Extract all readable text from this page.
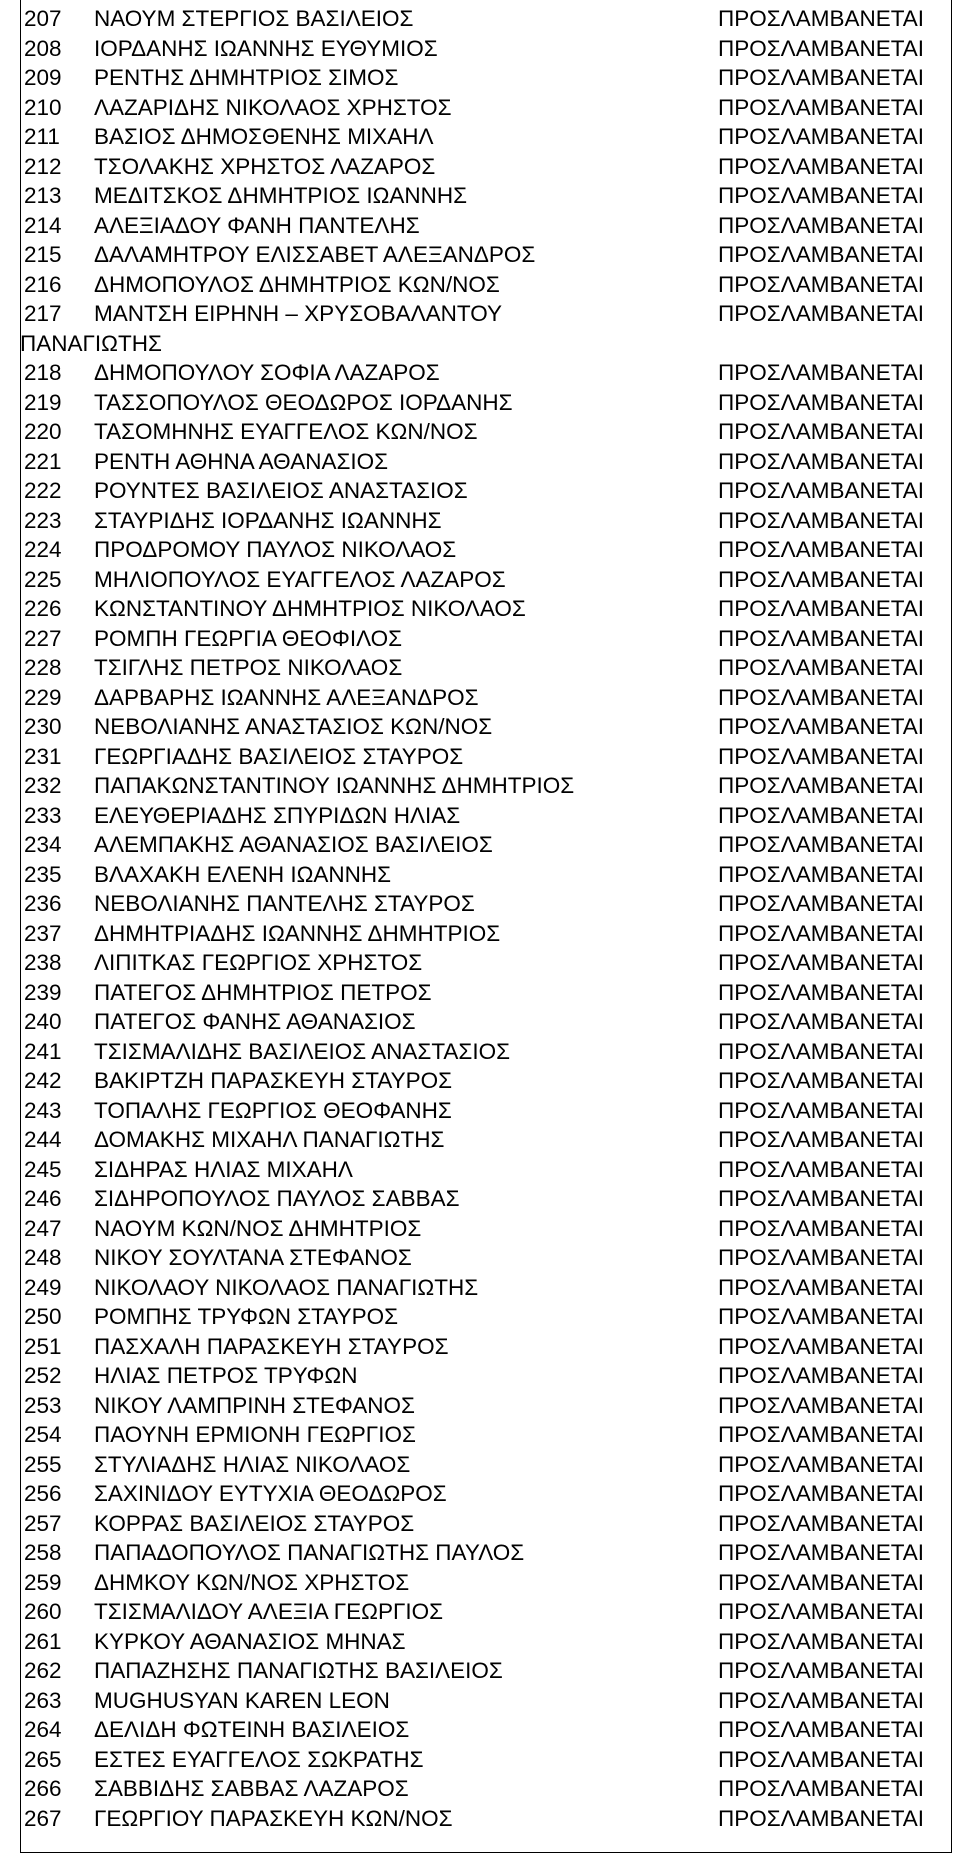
207 ΝΑΟΥΜ ΣΤΕΡΓΙΟΣ ΒΑΣΙΛΕΙΟΣ	ΠΡΟΣΛΑΜΒΑΝΕΤΑΙ
208 ΙΟΡΔΑΝΗΣ ΙΩΑΝΝΗΣ ΕΥΘΥΜΙΟΣ	ΠΡΟΣΛΑΜΒΑΝΕΤΑΙ
209 ΡΕΝΤΗΣ ΔΗΜΗΤΡΙΟΣ ΣΙΜΟΣ	ΠΡΟΣΛΑΜΒΑΝΕΤΑΙ
210 ΛΑΖΑΡΙΔΗΣ ΝΙΚΟΛΑΟΣ ΧΡΗΣΤΟΣ	ΠΡΟΣΛΑΜΒΑΝΕΤΑΙ
211 ΒΑΣΙΟΣ ΔΗΜΟΣΘΕΝΗΣ ΜΙΧΑΗΛ	ΠΡΟΣΛΑΜΒΑΝΕΤΑΙ
212 ΤΣΟΛΑΚΗΣ ΧΡΗΣΤΟΣ ΛΑΖΑΡΟΣ	ΠΡΟΣΛΑΜΒΑΝΕΤΑΙ
213 ΜΕΔΙΤΣΚΟΣ ΔΗΜΗΤΡΙΟΣ ΙΩΑΝΝΗΣ	ΠΡΟΣΛΑΜΒΑΝΕΤΑΙ
214 ΑΛΕΞΙΑΔΟΥ ΦΑΝΗ ΠΑΝΤΕΛΗΣ	ΠΡΟΣΛΑΜΒΑΝΕΤΑΙ
215 ΔΑΛΑΜΗΤΡΟΥ ΕΛΙΣΣΑΒΕΤ ΑΛΕΞΑΝΔΡΟΣ	ΠΡΟΣΛΑΜΒΑΝΕΤΑΙ
216 ΔΗΜΟΠΟΥΛΟΣ ΔΗΜΗΤΡΙΟΣ ΚΩΝ/ΝΟΣ	ΠΡΟΣΛΑΜΒΑΝΕΤΑΙ
217 ΜΑΝΤΣΗ ΕΙΡΗΝΗ – ΧΡΥΣΟΒΑΛΑΝΤΟΥ	ΠΡΟΣΛΑΜΒΑΝΕΤΑΙ
ΠΑΝΑΓΙΩΤΗΣ
218 ΔΗΜΟΠΟΥΛΟΥ ΣΟΦΙΑ ΛΑΖΑΡΟΣ	ΠΡΟΣΛΑΜΒΑΝΕΤΑΙ
219 ΤΑΣΣΟΠΟΥΛΟΣ ΘΕΟΔΩΡΟΣ ΙΟΡΔΑΝΗΣ	ΠΡΟΣΛΑΜΒΑΝΕΤΑΙ
220 ΤΑΣΟΜΗΝΗΣ ΕΥΑΓΓΕΛΟΣ ΚΩΝ/ΝΟΣ	ΠΡΟΣΛΑΜΒΑΝΕΤΑΙ
221 ΡΕΝΤΗ ΑΘΗΝΑ ΑΘΑΝΑΣΙΟΣ	ΠΡΟΣΛΑΜΒΑΝΕΤΑΙ
222 ΡΟΥΝΤΕΣ ΒΑΣΙΛΕΙΟΣ ΑΝΑΣΤΑΣΙΟΣ	ΠΡΟΣΛΑΜΒΑΝΕΤΑΙ
223 ΣΤΑΥΡΙΔΗΣ ΙΟΡΔΑΝΗΣ ΙΩΑΝΝΗΣ	ΠΡΟΣΛΑΜΒΑΝΕΤΑΙ
224 ΠΡΟΔΡΟΜΟΥ ΠΑΥΛΟΣ ΝΙΚΟΛΑΟΣ	ΠΡΟΣΛΑΜΒΑΝΕΤΑΙ
225 ΜΗΛΙΟΠΟΥΛΟΣ ΕΥΑΓΓΕΛΟΣ ΛΑΖΑΡΟΣ	ΠΡΟΣΛΑΜΒΑΝΕΤΑΙ
226 ΚΩΝΣΤΑΝΤΙΝΟΥ ΔΗΜΗΤΡΙΟΣ ΝΙΚΟΛΑΟΣ	ΠΡΟΣΛΑΜΒΑΝΕΤΑΙ
227 ΡΟΜΠΗ ΓΕΩΡΓΙΑ ΘΕΟΦΙΛΟΣ	ΠΡΟΣΛΑΜΒΑΝΕΤΑΙ
228 ΤΣΙΓΛΗΣ ΠΕΤΡΟΣ ΝΙΚΟΛΑΟΣ	ΠΡΟΣΛΑΜΒΑΝΕΤΑΙ
229 ΔΑΡΒΑΡΗΣ ΙΩΑΝΝΗΣ ΑΛΕΞΑΝΔΡΟΣ	ΠΡΟΣΛΑΜΒΑΝΕΤΑΙ
230 ΝΕΒΟΛΙΑΝΗΣ ΑΝΑΣΤΑΣΙΟΣ ΚΩΝ/ΝΟΣ	ΠΡΟΣΛΑΜΒΑΝΕΤΑΙ
231 ΓΕΩΡΓΙΑΔΗΣ ΒΑΣΙΛΕΙΟΣ ΣΤΑΥΡΟΣ	ΠΡΟΣΛΑΜΒΑΝΕΤΑΙ
232 ΠΑΠΑΚΩΝΣΤΑΝΤΙΝΟΥ ΙΩΑΝΝΗΣ ΔΗΜΗΤΡΙΟΣ	ΠΡΟΣΛΑΜΒΑΝΕΤΑΙ
233 ΕΛΕΥΘΕΡΙΑΔΗΣ ΣΠΥΡΙΔΩΝ ΗΛΙΑΣ	ΠΡΟΣΛΑΜΒΑΝΕΤΑΙ
234 ΑΛΕΜΠΑΚΗΣ ΑΘΑΝΑΣΙΟΣ ΒΑΣΙΛΕΙΟΣ	ΠΡΟΣΛΑΜΒΑΝΕΤΑΙ
235 ΒΛΑΧΑΚΗ ΕΛΕΝΗ ΙΩΑΝΝΗΣ	ΠΡΟΣΛΑΜΒΑΝΕΤΑΙ
236 ΝΕΒΟΛΙΑΝΗΣ ΠΑΝΤΕΛΗΣ ΣΤΑΥΡΟΣ	ΠΡΟΣΛΑΜΒΑΝΕΤΑΙ
237 ΔΗΜΗΤΡΙΑΔΗΣ ΙΩΑΝΝΗΣ ΔΗΜΗΤΡΙΟΣ	ΠΡΟΣΛΑΜΒΑΝΕΤΑΙ
238 ΛΙΠΙΤΚΑΣ ΓΕΩΡΓΙΟΣ ΧΡΗΣΤΟΣ	ΠΡΟΣΛΑΜΒΑΝΕΤΑΙ
239 ΠΑΤΕΓΟΣ ΔΗΜΗΤΡΙΟΣ ΠΕΤΡΟΣ	ΠΡΟΣΛΑΜΒΑΝΕΤΑΙ
240 ΠΑΤΕΓΟΣ ΦΑΝΗΣ ΑΘΑΝΑΣΙΟΣ	ΠΡΟΣΛΑΜΒΑΝΕΤΑΙ
241 ΤΣΙΣΜΑΛΙΔΗΣ ΒΑΣΙΛΕΙΟΣ ΑΝΑΣΤΑΣΙΟΣ	ΠΡΟΣΛΑΜΒΑΝΕΤΑΙ
242 ΒΑΚΙΡΤΖΗ ΠΑΡΑΣΚΕΥΗ ΣΤΑΥΡΟΣ	ΠΡΟΣΛΑΜΒΑΝΕΤΑΙ
243 ΤΟΠΑΛΗΣ ΓΕΩΡΓΙΟΣ ΘΕΟΦΑΝΗΣ	ΠΡΟΣΛΑΜΒΑΝΕΤΑΙ
244 ΔΟΜΑΚΗΣ ΜΙΧΑΗΛ ΠΑΝΑΓΙΩΤΗΣ	ΠΡΟΣΛΑΜΒΑΝΕΤΑΙ
245 ΣΙΔΗΡΑΣ ΗΛΙΑΣ ΜΙΧΑΗΛ	ΠΡΟΣΛΑΜΒΑΝΕΤΑΙ
246 ΣΙΔΗΡΟΠΟΥΛΟΣ ΠΑΥΛΟΣ ΣΑΒΒΑΣ	ΠΡΟΣΛΑΜΒΑΝΕΤΑΙ
247 ΝΑΟΥΜ ΚΩΝ/ΝΟΣ ΔΗΜΗΤΡΙΟΣ	ΠΡΟΣΛΑΜΒΑΝΕΤΑΙ
248 ΝΙΚΟΥ ΣΟΥΛΤΑΝΑ ΣΤΕΦΑΝΟΣ	ΠΡΟΣΛΑΜΒΑΝΕΤΑΙ
249 ΝΙΚΟΛΑΟΥ ΝΙΚΟΛΑΟΣ ΠΑΝΑΓΙΩΤΗΣ	ΠΡΟΣΛΑΜΒΑΝΕΤΑΙ
250 ΡΟΜΠΗΣ ΤΡΥΦΩΝ ΣΤΑΥΡΟΣ	ΠΡΟΣΛΑΜΒΑΝΕΤΑΙ
251 ΠΑΣΧΑΛΗ ΠΑΡΑΣΚΕΥΗ ΣΤΑΥΡΟΣ	ΠΡΟΣΛΑΜΒΑΝΕΤΑΙ
252 ΗΛΙΑΣ ΠΕΤΡΟΣ ΤΡΥΦΩΝ	ΠΡΟΣΛΑΜΒΑΝΕΤΑΙ
253 ΝΙΚΟΥ ΛΑΜΠΡΙΝΗ ΣΤΕΦΑΝΟΣ	ΠΡΟΣΛΑΜΒΑΝΕΤΑΙ
254 ΠΑΟΥΝΗ ΕΡΜΙΟΝΗ ΓΕΩΡΓΙΟΣ	ΠΡΟΣΛΑΜΒΑΝΕΤΑΙ
255 ΣΤΥΛΙΑΔΗΣ ΗΛΙΑΣ ΝΙΚΟΛΑΟΣ	ΠΡΟΣΛΑΜΒΑΝΕΤΑΙ
256 ΣΑΧΙΝΙΔΟΥ ΕΥΤΥΧΙΑ ΘΕΟΔΩΡΟΣ	ΠΡΟΣΛΑΜΒΑΝΕΤΑΙ
257 ΚΟΡΡΑΣ ΒΑΣΙΛΕΙΟΣ ΣΤΑΥΡΟΣ	ΠΡΟΣΛΑΜΒΑΝΕΤΑΙ
258 ΠΑΠΑΔΟΠΟΥΛΟΣ ΠΑΝΑΓΙΩΤΗΣ ΠΑΥΛΟΣ	ΠΡΟΣΛΑΜΒΑΝΕΤΑΙ
259 ΔΗΜΚΟΥ ΚΩΝ/ΝΟΣ ΧΡΗΣΤΟΣ	ΠΡΟΣΛΑΜΒΑΝΕΤΑΙ
260 ΤΣΙΣΜΑΛΙΔΟΥ ΑΛΕΞΙΑ ΓΕΩΡΓΙΟΣ	ΠΡΟΣΛΑΜΒΑΝΕΤΑΙ
261 ΚΥΡΚΟΥ ΑΘΑΝΑΣΙΟΣ ΜΗΝΑΣ	ΠΡΟΣΛΑΜΒΑΝΕΤΑΙ
262 ΠΑΠΑΖΗΣΗΣ ΠΑΝΑΓΙΩΤΗΣ ΒΑΣΙΛΕΙΟΣ	ΠΡΟΣΛΑΜΒΑΝΕΤΑΙ
263 MUGHUSYAN KAREN LEON	ΠΡΟΣΛΑΜΒΑΝΕΤΑΙ
264 ΔΕΛΙΔΗ ΦΩΤΕΙΝΗ ΒΑΣΙΛΕΙΟΣ	ΠΡΟΣΛΑΜΒΑΝΕΤΑΙ
265 ΕΣΤΕΣ ΕΥΑΓΓΕΛΟΣ ΣΩΚΡΑΤΗΣ	ΠΡΟΣΛΑΜΒΑΝΕΤΑΙ
266 ΣΑΒΒΙΔΗΣ ΣΑΒΒΑΣ ΛΑΖΑΡΟΣ	ΠΡΟΣΛΑΜΒΑΝΕΤΑΙ
267 ΓΕΩΡΓΙΟΥ ΠΑΡΑΣΚΕΥΗ ΚΩΝ/ΝΟΣ	ΠΡΟΣΛΑΜΒΑΝΕΤΑΙ
